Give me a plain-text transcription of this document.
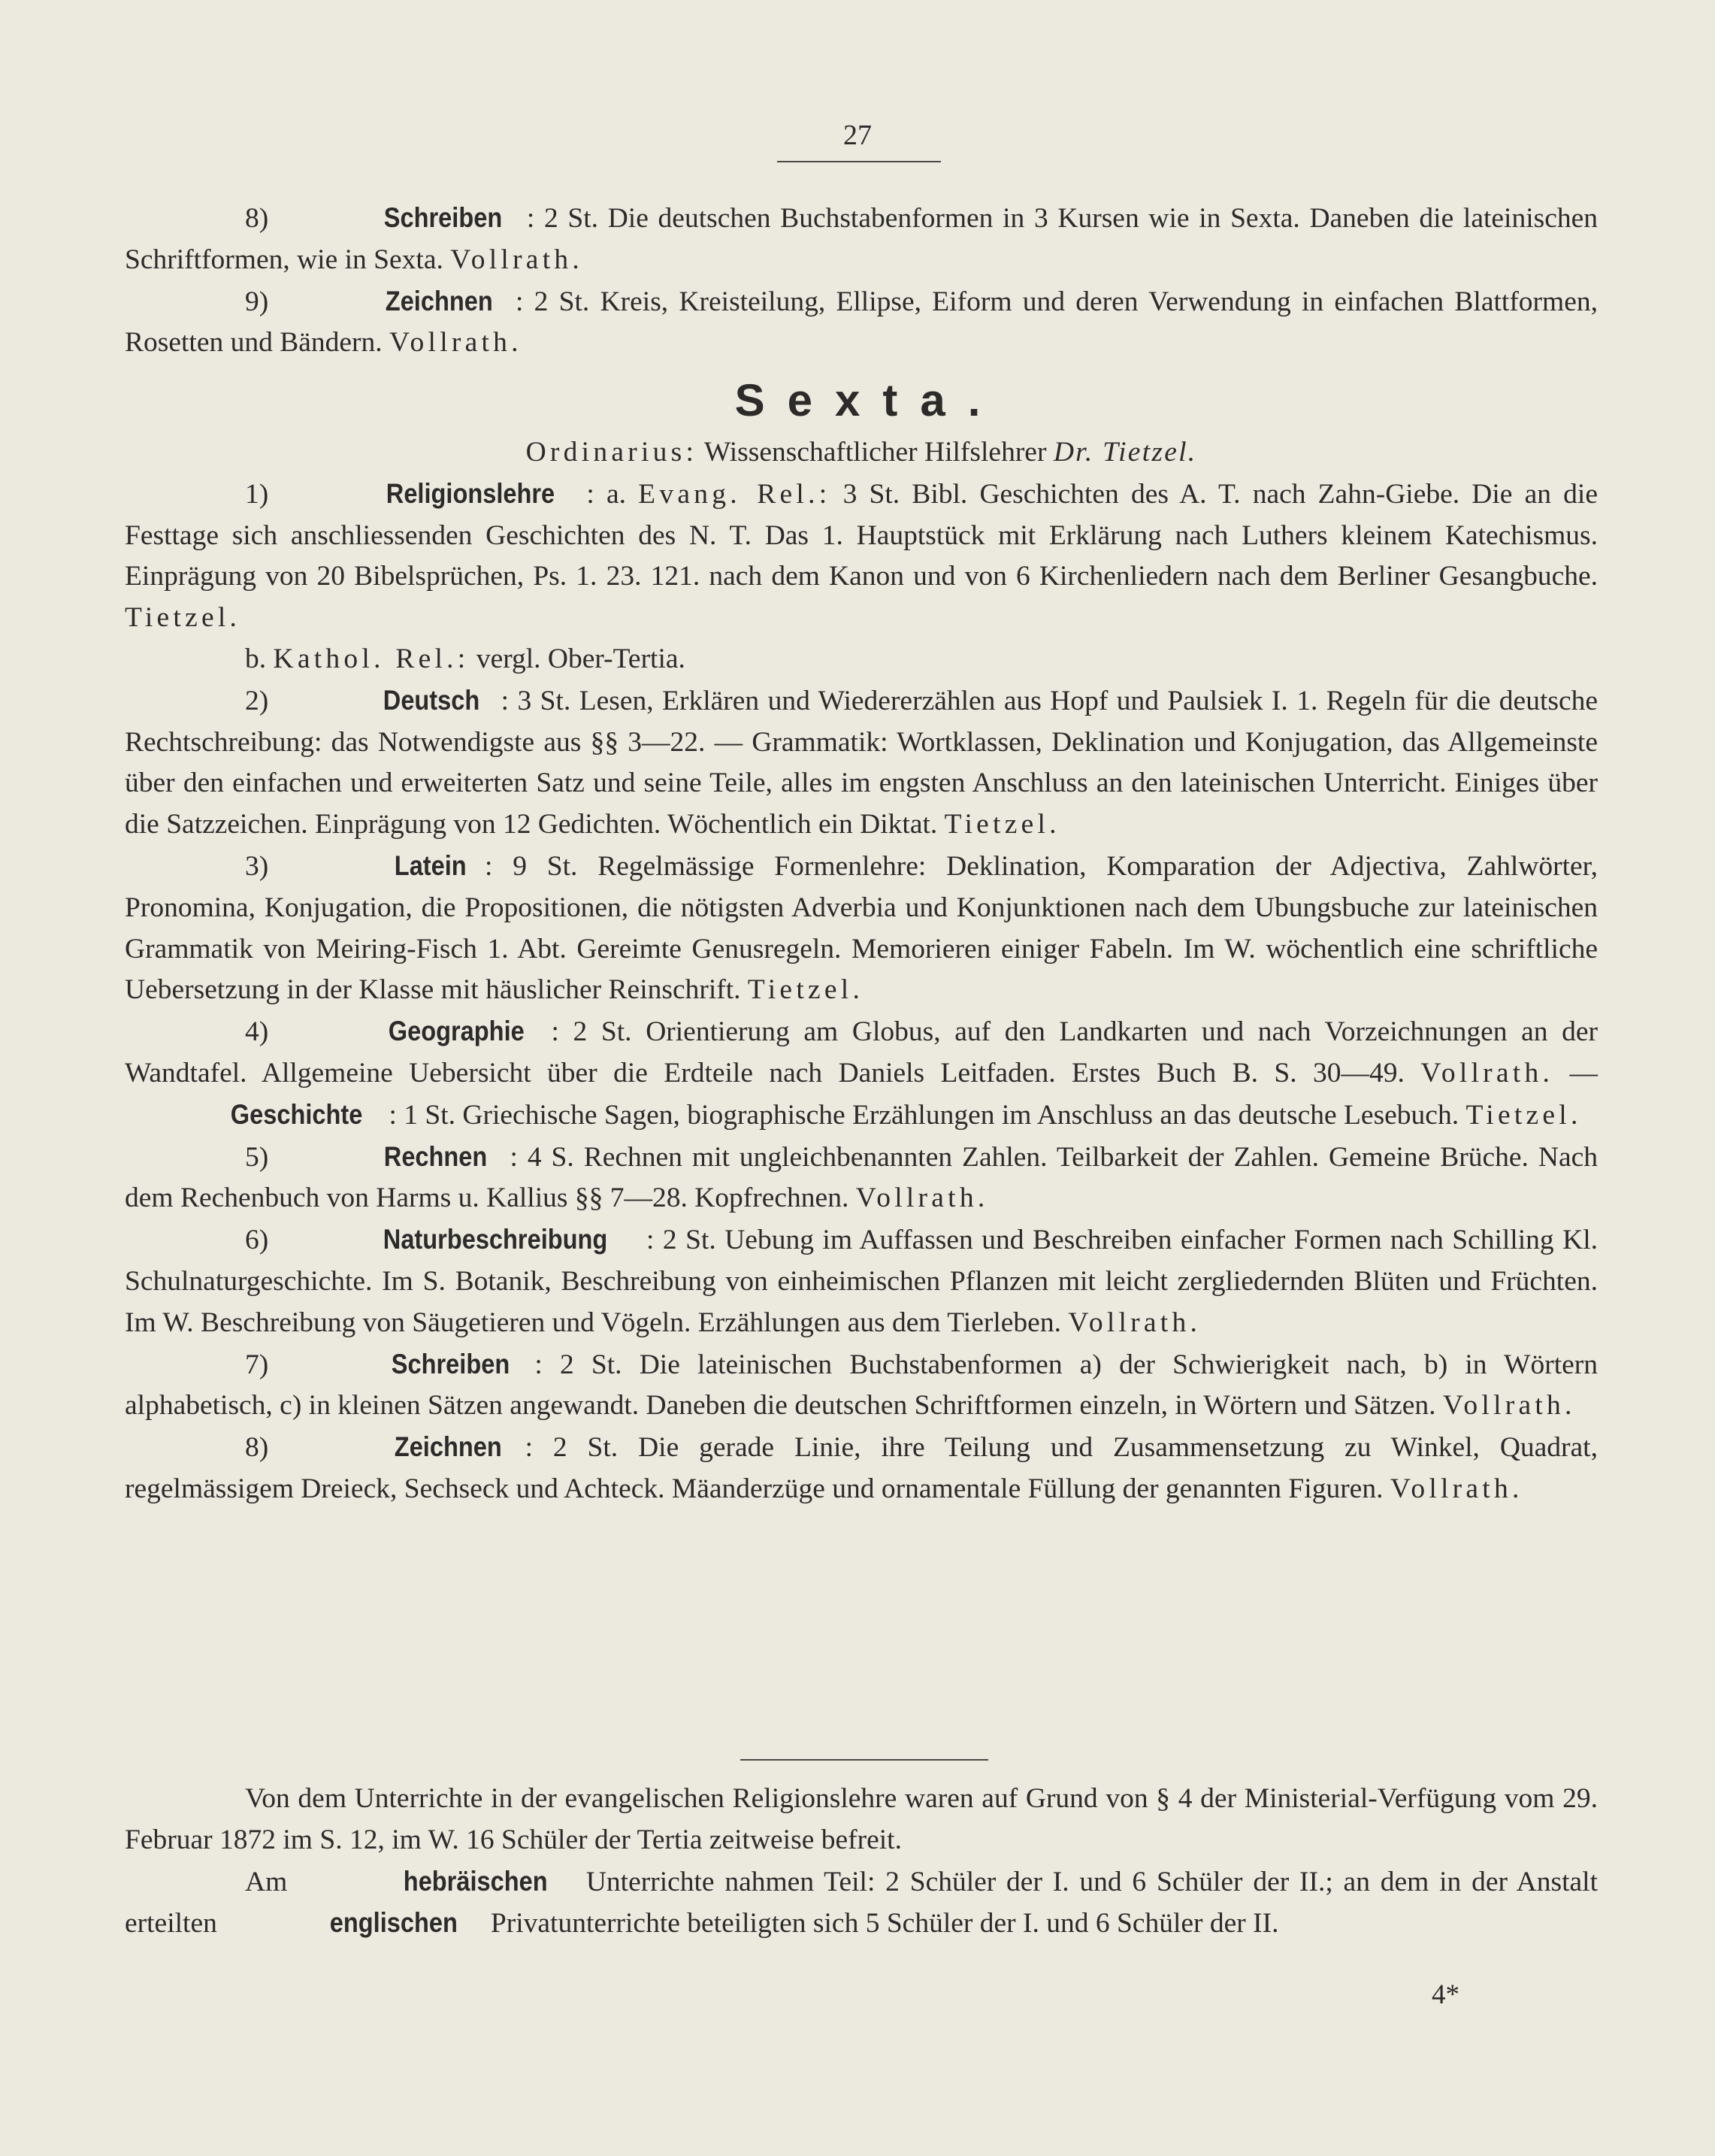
27

8)	Schreiben : 2 St. Die deutschen Buchstabenformen in 3 Kursen wie in Sexta. Daneben die lateinischen Schriftformen, wie in Sexta. Vollrath.

9)	Zeichnen : 2 St. Kreis, Kreisteilung, Ellipse, Eiform und deren Verwendung in einfachen Blattformen, Rosetten und Bändern. Vollrath.

Sexta.

Ordinarius: Wissenschaftlicher Hilfslehrer Dr. Tietzel.

1)	Religionslehre : a. Evang. Rel.: 3 St. Bibl. Geschichten des A. T. nach Zahn-Giebe. Die an die Festtage sich anschliessenden Geschichten des N. T. Das 1. Hauptstück mit Erklärung nach Luthers kleinem Katechismus. Einprägung von 20 Bibelsprüchen, Ps. 1. 23. 121. nach dem Kanon und von 6 Kirchenliedern nach dem Berliner Gesangbuche. Tietzel.

b. Kathol. Rel.: vergl. Ober-Tertia.

2)	Deutsch : 3 St. Lesen, Erklären und Wiedererzählen aus Hopf und Paulsiek I. 1. Regeln für die deutsche Rechtschreibung: das Notwendigste aus §§ 3—22. — Grammatik: Wortklassen, Deklination und Konjugation, das Allgemeinste über den einfachen und erweiterten Satz und seine Teile, alles im engsten Anschluss an den lateinischen Unterricht. Einiges über die Satzzeichen. Einprägung von 12 Gedichten. Wöchentlich ein Diktat. Tietzel.

3)	Latein : 9 St. Regelmässige Formenlehre: Deklination, Komparation der Adjectiva, Zahlwörter, Pronomina, Konjugation, die Propositionen, die nötigsten Adverbia und Konjunktionen nach dem Ubungsbuche zur lateinischen Grammatik von Meiring-Fisch 1. Abt. Gereimte Genusregeln. Memorieren einiger Fabeln. Im W. wöchentlich eine schriftliche Uebersetzung in der Klasse mit häuslicher Reinschrift. Tietzel.

4)	Geographie : 2 St. Orientierung am Globus, auf den Landkarten und nach Vorzeichnungen an der Wandtafel. Allgemeine Uebersicht über die Erdteile nach Daniels Leitfaden. Erstes Buch B. S. 30—49. Vollrath. — Geschichte : 1 St. Griechische Sagen, biographische Erzählungen im Anschluss an das deutsche Lesebuch. Tietzel.

5)	Rechnen : 4 S. Rechnen mit ungleichbenannten Zahlen. Teilbarkeit der Zahlen. Gemeine Brüche. Nach dem Rechenbuch von Harms u. Kallius §§ 7—28. Kopfrechnen. Vollrath.

6)	Naturbeschreibung : 2 St. Uebung im Auffassen und Beschreiben einfacher Formen nach Schilling Kl. Schulnaturgeschichte. Im S. Botanik, Beschreibung von einheimischen Pflanzen mit leicht zergliedernden Blüten und Früchten. Im W. Beschreibung von Säugetieren und Vögeln. Erzählungen aus dem Tierleben. Vollrath.

7)	Schreiben : 2 St. Die lateinischen Buchstabenformen a) der Schwierigkeit nach, b) in Wörtern alphabetisch, c) in kleinen Sätzen angewandt. Daneben die deutschen Schriftformen einzeln, in Wörtern und Sätzen. Vollrath.

8)	Zeichnen : 2 St. Die gerade Linie, ihre Teilung und Zusammensetzung zu Winkel, Quadrat, regelmässigem Dreieck, Sechseck und Achteck. Mäanderzüge und ornamentale Füllung der genannten Figuren. Vollrath.

Von dem Unterrichte in der evangelischen Religionslehre waren auf Grund von § 4 der Ministerial-Verfügung vom 29. Februar 1872 im S. 12, im W. 16 Schüler der Tertia zeitweise befreit.

Am	hebräischen Unterrichte nahmen Teil: 2 Schüler der I. und 6 Schüler der II.; an dem in der Anstalt erteilten	englischen Privatunterrichte beteiligten sich 5 Schüler der I. und 6 Schüler der II.

4*
